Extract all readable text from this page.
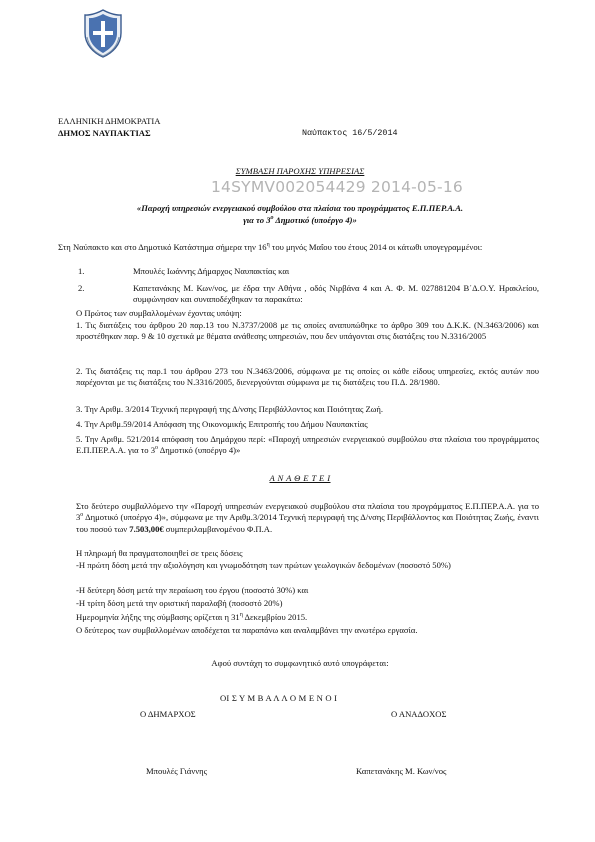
ΕΛΛΗΝΙΚΗ ΔΗΜΟΚΡΑΤΙΑ
ΔΗΜΟΣ ΝΑΥΠΑΚΤΙΑΣ	Ναύπακτος 16/5/2014
ΣΥΜΒΑΣΗ ΠΑΡΟΧΗΣ ΥΠΗΡΕΣΙΑΣ
14SYMV002054429 2014-05-16
«Παροχή υπηρεσιών ενεργειακού συμβούλου στα πλαίσια του προγράμματος Ε.Π.ΠΕΡ.Α.Α.
για το $3^o$ Δημοτικό (υποέργο 4)»
Στη Ναύπακτο και στο Δημοτικό Κατάστημα σήμερα την $16^\eta$ του μηνός Μαΐου του έτους 2014 οι κάτωθι υπογεγραμμένοι:
1.	Μπουλές Ιωάννης Δήμαρχος Ναυπακτίας και
2.	Καπετανάκης Μ. Κων/νος, με έδρα την Αθήνα , οδός Νιρβάνα 4 και Α. Φ. Μ. 027881204 Β΄Δ.Ο.Υ. Ηρακλείου, συμφώνησαν και συναποδέχθηκαν τα παρακάτω:
Ο Πρώτος των συμβαλλομένων έχοντας υπόψη:
1. Τις διατάξεις του άρθρου 20 παρ.13 του Ν.3737/2008 με τις οποίες αναπυπώθηκε το άρθρο 309 του Δ.Κ.Κ. (Ν.3463/2006) και προστέθηκαν παρ. 9 & 10 σχετικά με θέματα ανάθεσης υπηρεσιών, που δεν υπάγονται στις διατάξεις του Ν.3316/2005
2. Τις διατάξεις τις παρ.1 του άρθρου 273 του Ν.3463/2006, σύμφωνα με τις οποίες οι κάθε είδους υπηρεσίες, εκτός αυτών που παρέχονται με τις διατάξεις του Ν.3316/2005, διενεργούνται σύμφωνα με τις διατάξεις του Π.Δ. 28/1980.
3. Την Αριθμ. 3/2014 Τεχνική περιγραφή της Δ/νσης Περιβάλλοντος και Ποιότητας Ζωή.
4. Την Αριθμ.59/2014 Απόφαση της Οικονομικής Επιτροπής του Δήμου Ναυπακτίας
5. Την Αριθμ. 521/2014 απόφαση του Δημάρχου περί: «Παροχή υπηρεσιών ενεργειακού συμβούλου στα πλαίσια του προγράμματος Ε.Π.ΠΕΡ.Α.Α. για το $3^o$ Δημοτικό (υποέργο 4)»
Α Ν Α Θ Ε Τ Ε Ι
Στο δεύτερο συμβαλλόμενο την «Παροχή υπηρεσιών ενεργειακού συμβούλου στα πλαίσια του προγράμματος Ε.Π.ΠΕΡ.Α.Α. για το $3^o$ Δημοτικό (υποέργο 4)», σύμφωνα με την Αριθμ.3/2014 Τεχνική περιγραφή της Δ/νσης Περιβάλλοντος και Ποιότητας Ζωής, έναντι του ποσού των 7.503,00€ συμπεριλαμβανομένου Φ.Π.Α.
Η πληρωμή θα πραγματοποιηθεί σε τρεις δόσεις
-Η πρώτη δόση μετά την αξιολόγηση και γνωμοδότηση των πρώτων γεωλογικών δεδομένων (ποσοστό 50%)
-Η δεύτερη δόση μετά την περαίωση του έργου (ποσοστό 30%) και
-Η τρίτη δόση μετά την οριστική παραλαβή (ποσοστό 20%)
Ημερομηνία λήξης της σύμβασης ορίζεται η $31^\eta$ Δεκεμβρίου 2015.
Ο δεύτερος των συμβαλλομένων αποδέχεται τα παραπάνω και αναλαμβάνει την ανωτέρω εργασία.
Αφού συντάχη το συμφωνητικό αυτό υπογράφεται:
ΟΙ Σ Υ Μ Β Α Λ Λ Ο Μ Ε Ν Ο Ι
Ο ΔΗΜΑΡΧΟΣ	Ο ΑΝΑΔΟΧΟΣ
Μπουλές Γιάννης	Καπετανάκης Μ. Κων/νος
